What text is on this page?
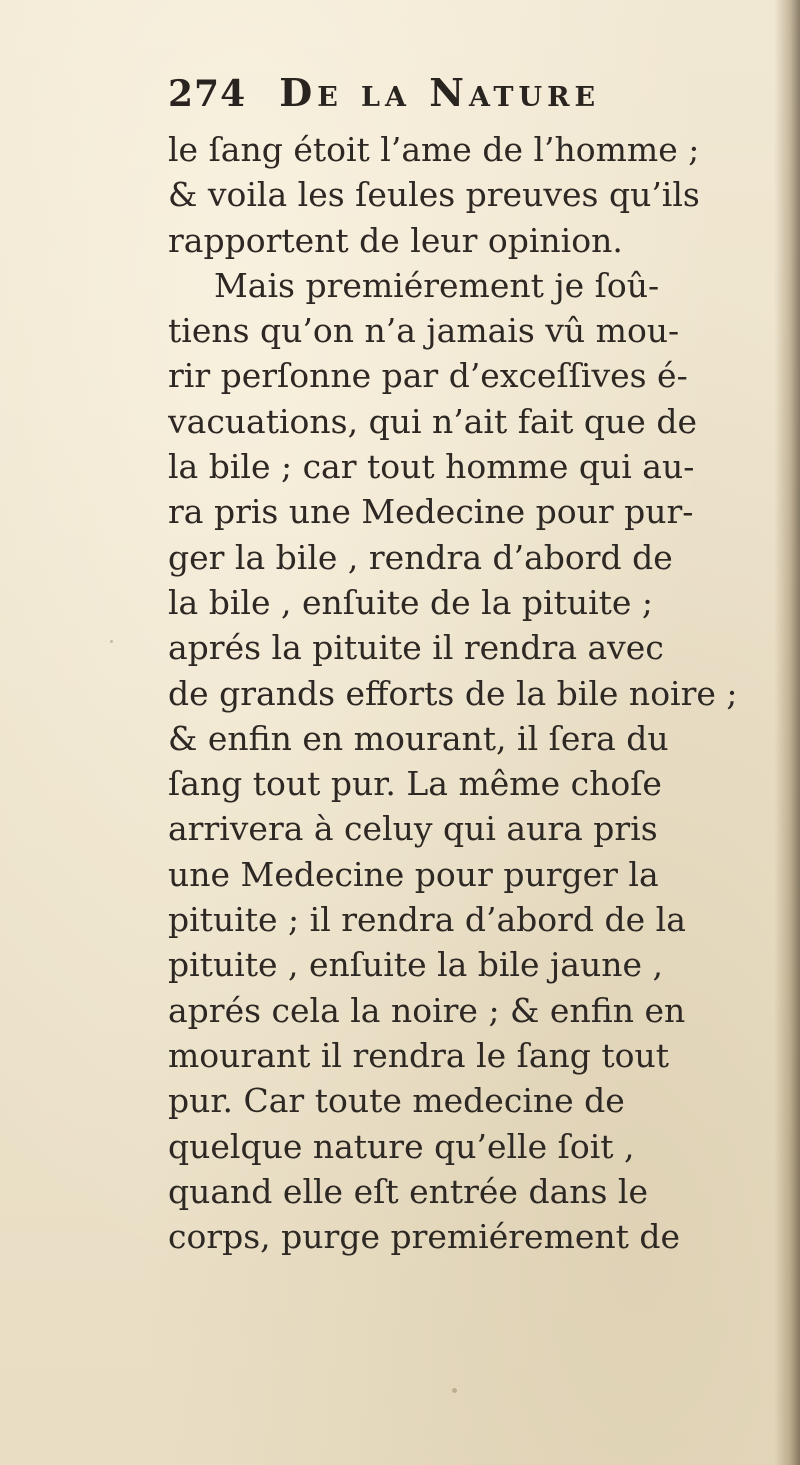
274 De la Nature
le ſang étoit l’ame de l’homme ;
& voila les ſeules preuves qu’ils
rapportent de leur opinion.
Mais premiérement je ſoû-
tiens qu’on n’a jamais vû mou-
rir perſonne par d’exceſſives é-
vacuations, qui n’ait fait que de
la bile ; car tout homme qui au-
ra pris une Medecine pour pur-
ger la bile , rendra d’abord de
la bile , enſuite de la pituite ;
aprés la pituite il rendra avec
de grands efforts de la bile noire ;
& enfin en mourant, il ſera du
ſang tout pur. La même choſe
arrivera à celuy qui aura pris
une Medecine pour purger la
pituite ; il rendra d’abord de la
pituite , enſuite la bile jaune ,
aprés cela la noire ; & enfin en
mourant il rendra le ſang tout
pur. Car toute medecine de
quelque nature qu’elle ſoit ,
quand elle eſt entrée dans le
corps, purge premiérement de
